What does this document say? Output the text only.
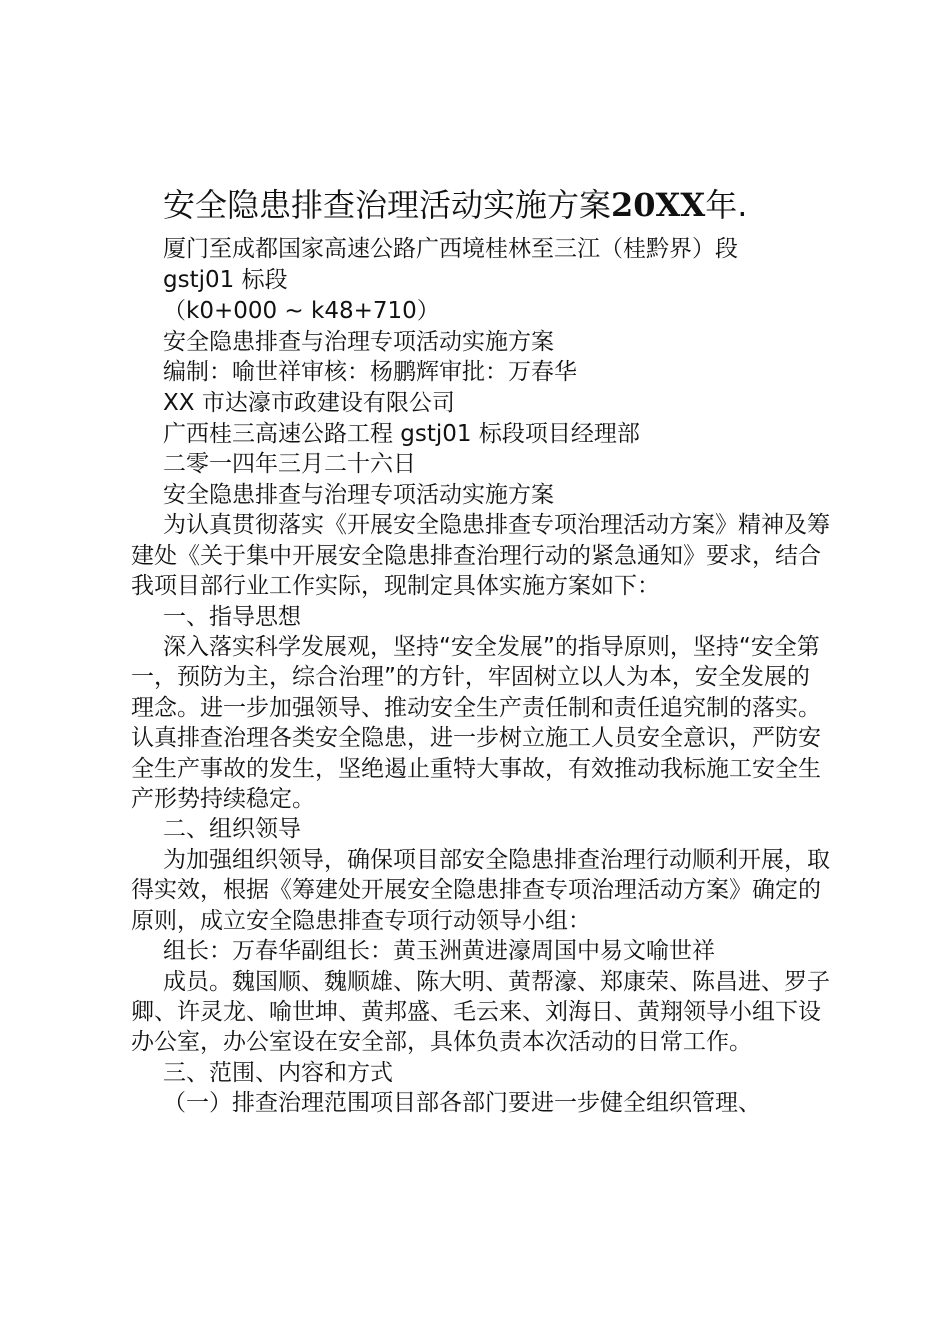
安全隐患排查治理活动实施方案20XX年.

厦门至成都国家高速公路广西境桂林至三江（桂黔界）段

gstj01 标段

（k0+000 ~ k48+710）

安全隐患排查与治理专项活动实施方案

编制：喻世祥审核：杨鹏辉审批：万春华

XX 市达濠市政建设有限公司

广西桂三高速公路工程 gstj01 标段项目经理部

二零一四年三月二十六日

安全隐患排查与治理专项活动实施方案

为认真贯彻落实《开展安全隐患排查专项治理活动方案》精神及筹建处《关于集中开展安全隐患排查治理行动的紧急通知》要求，结合我项目部行业工作实际，现制定具体实施方案如下：

一、指导思想

深入落实科学发展观，坚持“安全发展”的指导原则，坚持“安全第一，预防为主，综合治理”的方针，牢固树立以人为本，安全发展的理念。进一步加强领导、推动安全生产责任制和责任追究制的落实。认真排查治理各类安全隐患，进一步树立施工人员安全意识，严防安全生产事故的发生，坚绝遏止重特大事故，有效推动我标施工安全生产形势持续稳定。

二、组织领导

为加强组织领导，确保项目部安全隐患排查治理行动顺利开展，取得实效，根据《筹建处开展安全隐患排查专项治理活动方案》确定的原则，成立安全隐患排查专项行动领导小组：

组长：万春华副组长：黄玉洲黄进濠周国中易文喻世祥

成员。魏国顺、魏顺雄、陈大明、黄帮濠、郑康荣、陈昌进、罗子卿、许灵龙、喻世坤、黄邦盛、毛云来、刘海日、黄翔领导小组下设办公室，办公室设在安全部，具体负责本次活动的日常工作。

三、范围、内容和方式

（一）排查治理范围项目部各部门要进一步健全组织管理、
